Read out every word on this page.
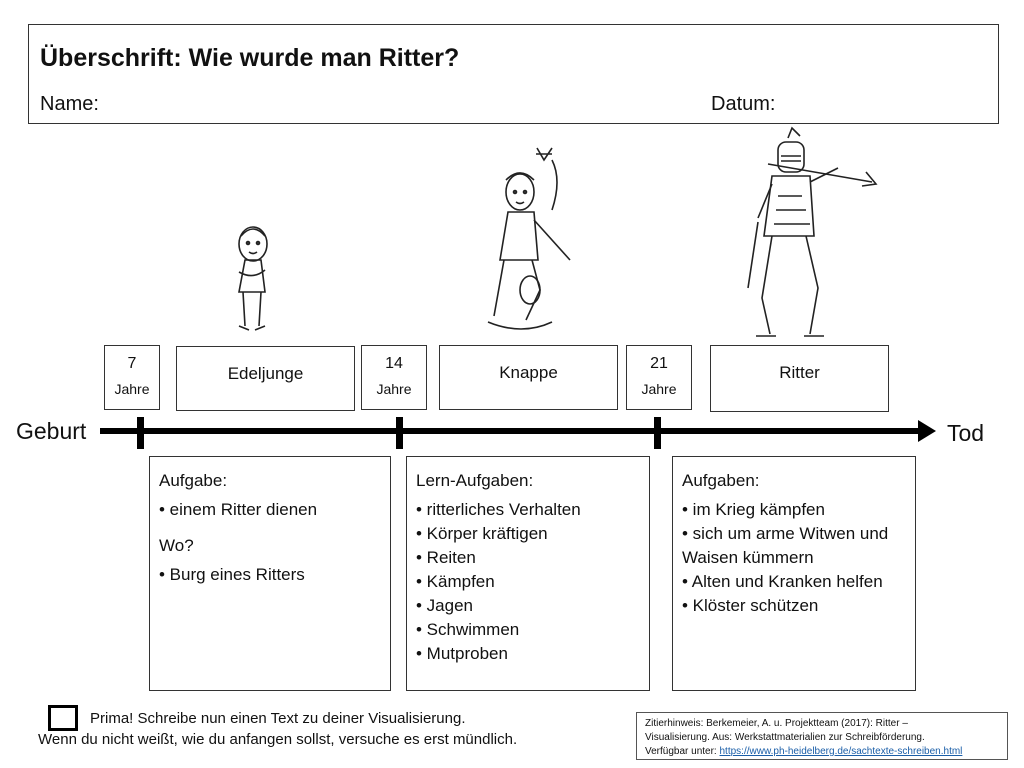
Überschrift: Wie wurde man Ritter?
Name:	Datum:
7
Jahre
Edeljunge
14
Jahre
Knappe	21
Jahre
Ritter
Geburt	Tod
Aufgabe:
• einem Ritter dienen
Wo?
• Burg eines Ritters
Lern-Aufgaben:
• ritterliches Verhalten
• Körper kräftigen
• Reiten
• Kämpfen
• Jagen
• Schwimmen
• Mutproben
Aufgaben:
• im Krieg kämpfen
• sich um arme Witwen und Waisen kümmern
• Alten und Kranken helfen
• Klöster schützen
Prima! Schreibe nun einen Text zu deiner Visualisierung.
Wenn du nicht weißt, wie du anfangen sollst, versuche es erst mündlich.
Zitierhinweis: Berkemeier, A. u. Projektteam (2017): Ritter –
Visualisierung. Aus: Werkstattmaterialien zur Schreibförderung.
Verfügbar unter: https://www.ph-heidelberg.de/sachtexte-schreiben.html
